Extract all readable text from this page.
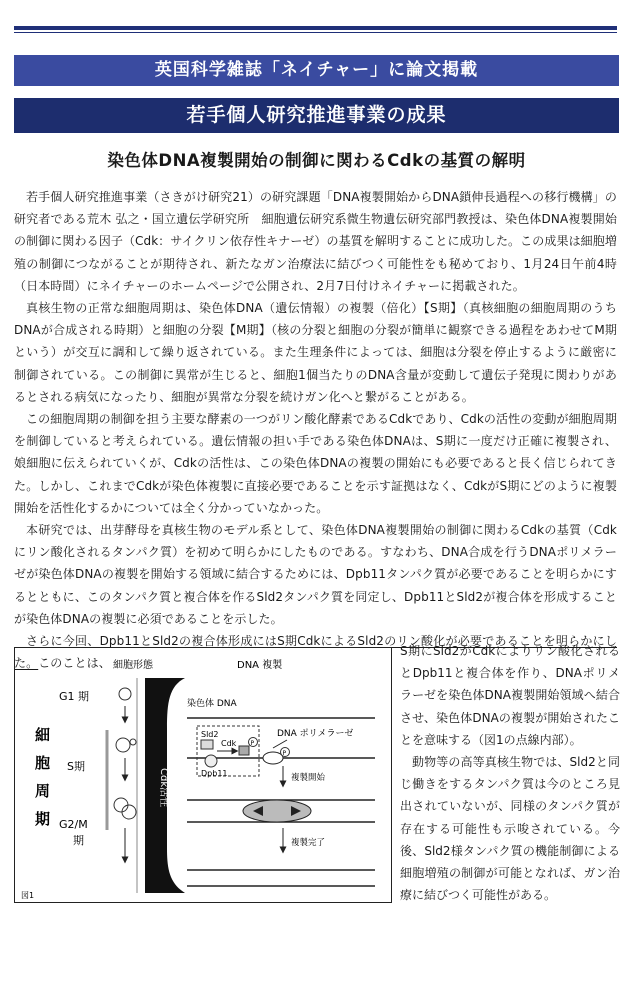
英国科学雑誌「ネイチャー」に論文掲載
若手個人研究推進事業の成果
染色体DNA複製開始の制御に関わるCdkの基質の解明

若手個人研究推進事業（さきがけ研究21）の研究課題「DNA複製開始からDNA鎖伸長過程への移行機構」の研究者である荒木 弘之・国立遺伝学研究所　細胞遺伝研究系微生物遺伝研究部門教授は、染色体DNA複製開始の制御に関わる因子（Cdk：サイクリン依存性キナーゼ）の基質を解明することに成功した。この成果は細胞増殖の制御につながることが期待され、新たなガン治療法に結びつく可能性をも秘めており、1月24日午前4時（日本時間）にネイチャーのホームページで公開され、2月7日付けネイチャーに掲載された。

真核生物の正常な細胞周期は、染色体DNA（遺伝情報）の複製（倍化）【S期】（真核細胞の細胞周期のうちDNAが合成される時期）と細胞の分裂【M期】（核の分裂と細胞の分裂が簡単に観察できる過程をあわせてM期という）が交互に調和して繰り返されている。また生理条件によっては、細胞は分裂を停止するように厳密に制御されている。この制御に異常が生じると、細胞1個当たりのDNA含量が変動して遺伝子発現に関わりがあるとされる病気になったり、細胞が異常な分裂を続けガン化へと繋がることがある。

この細胞周期の制御を担う主要な酵素の一つがリン酸化酵素であるCdkであり、Cdkの活性の変動が細胞周期を制御していると考えられている。遺伝情報の担い手である染色体DNAは、S期に一度だけ正確に複製され、娘細胞に伝えられていくが、Cdkの活性は、この染色体DNAの複製の開始にも必要であると長く信じられてきた。しかし、これまでCdkが染色体複製に直接必要であることを示す証拠はなく、CdkがS期にどのように複製開始を活性化するかについては全く分かっていなかった。

本研究では、出芽酵母を真核生物のモデル系として、染色体DNA複製開始の制御に関わるCdkの基質（Cdkにリン酸化されるタンパク質）を初めて明らかにしたものである。すなわち、DNA合成を行うDNAポリメラーゼが染色体DNAの複製を開始する領域に結合するためには、Dpb11タンパク質が必要であることを明らかにするとともに、このタンパク質と複合体を作るSld2タンパク質を同定し、Dpb11とSld2が複合体を形成することが染色体DNAの複製に必須であることを示した。

さらに今回、Dpb11とSld2の複合体形成にはS期CdkによるSld2のリン酸化が必要であることを明らかにした。このことは、

S期にSld2がCdkによりリン酸化されるとDpb11と複合体を作り、DNAポリメラーゼを染色体DNA複製開始領域へ結合させ、染色体DNAの複製が開始されたことを意味する（図1の点線内部）。

動物等の高等真核生物では、Sld2と同じ働きをするタンパク質は今のところ見出されていないが、同様のタンパク質が存在する可能性も示唆されている。今後、Sld2様タンパク質の機能制御による細胞増殖の制御が可能となれば、ガン治療に結びつく可能性がある。

細胞形態	DNA 複製
細
胞
周
期
G1 期
S期
G2/M
期
Cdk活性
染色体 DNA
Sld2
Cdk P
Dpb11
DNA ポリメラーゼ
P
複製開始
複製完了
図1
